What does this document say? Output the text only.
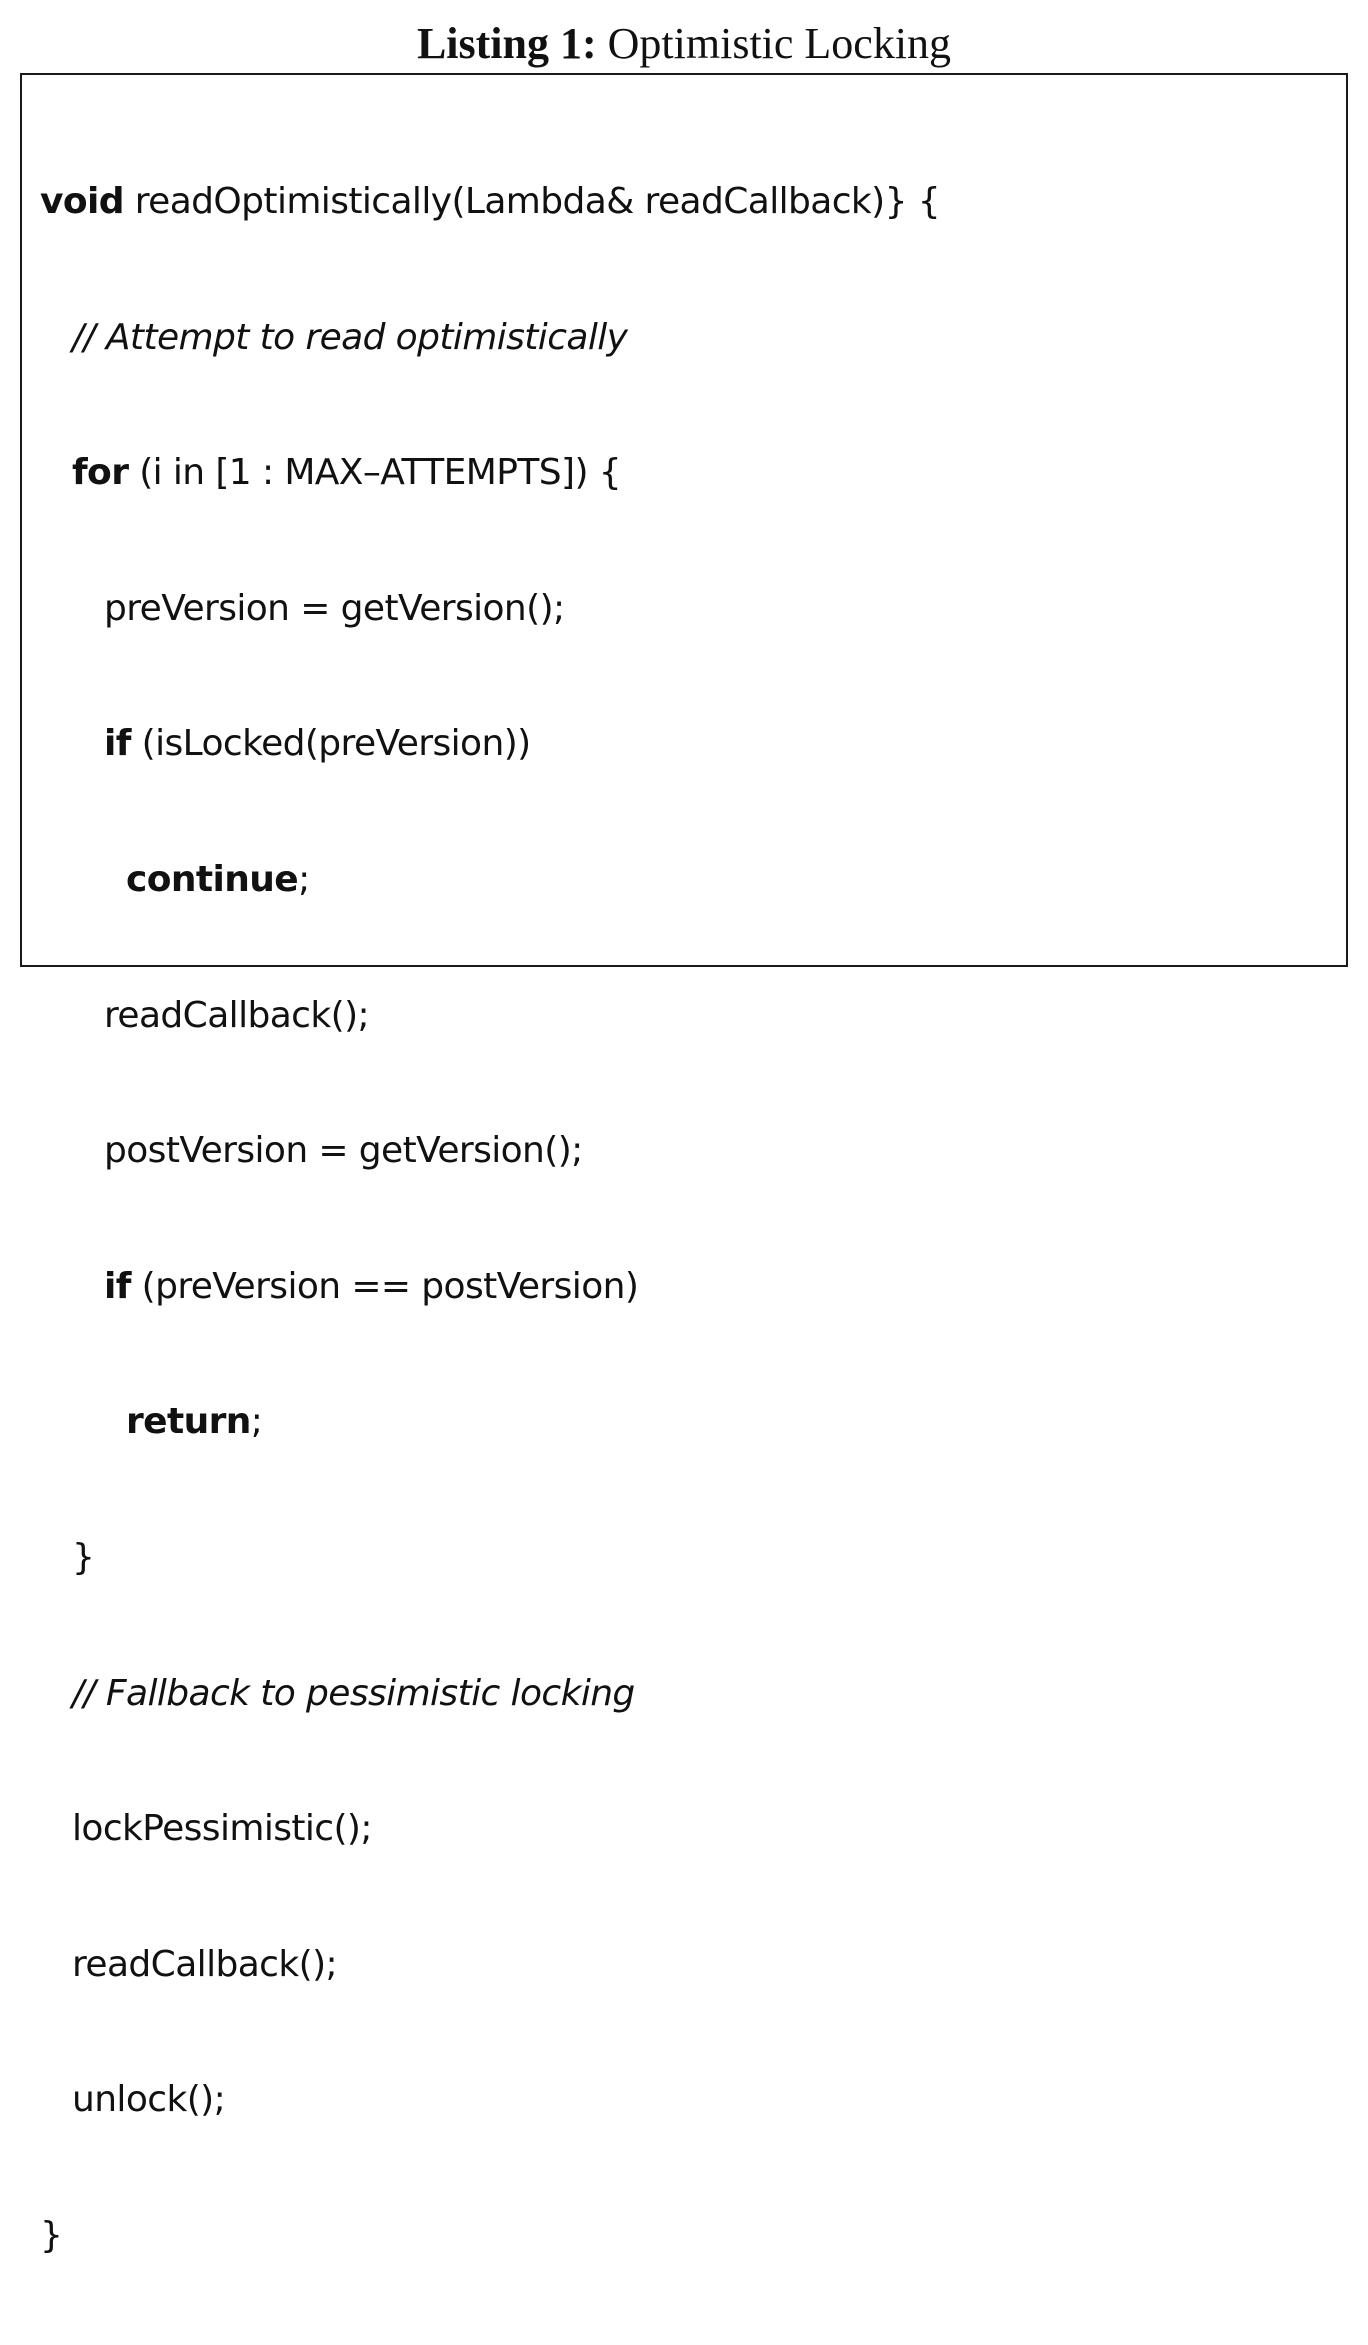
Listing 1: Optimistic Locking

void readOptimistically(Lambda& readCallback)} {

// Attempt to read optimistically

for (i in [1 : MAX–ATTEMPTS]) {

preVersion = getVersion();

if (isLocked(preVersion))

continue;

readCallback();

postVersion = getVersion();

if (preVersion == postVersion)

return;

}

// Fallback to pessimistic locking

lockPessimistic();

readCallback();

unlock();

}
